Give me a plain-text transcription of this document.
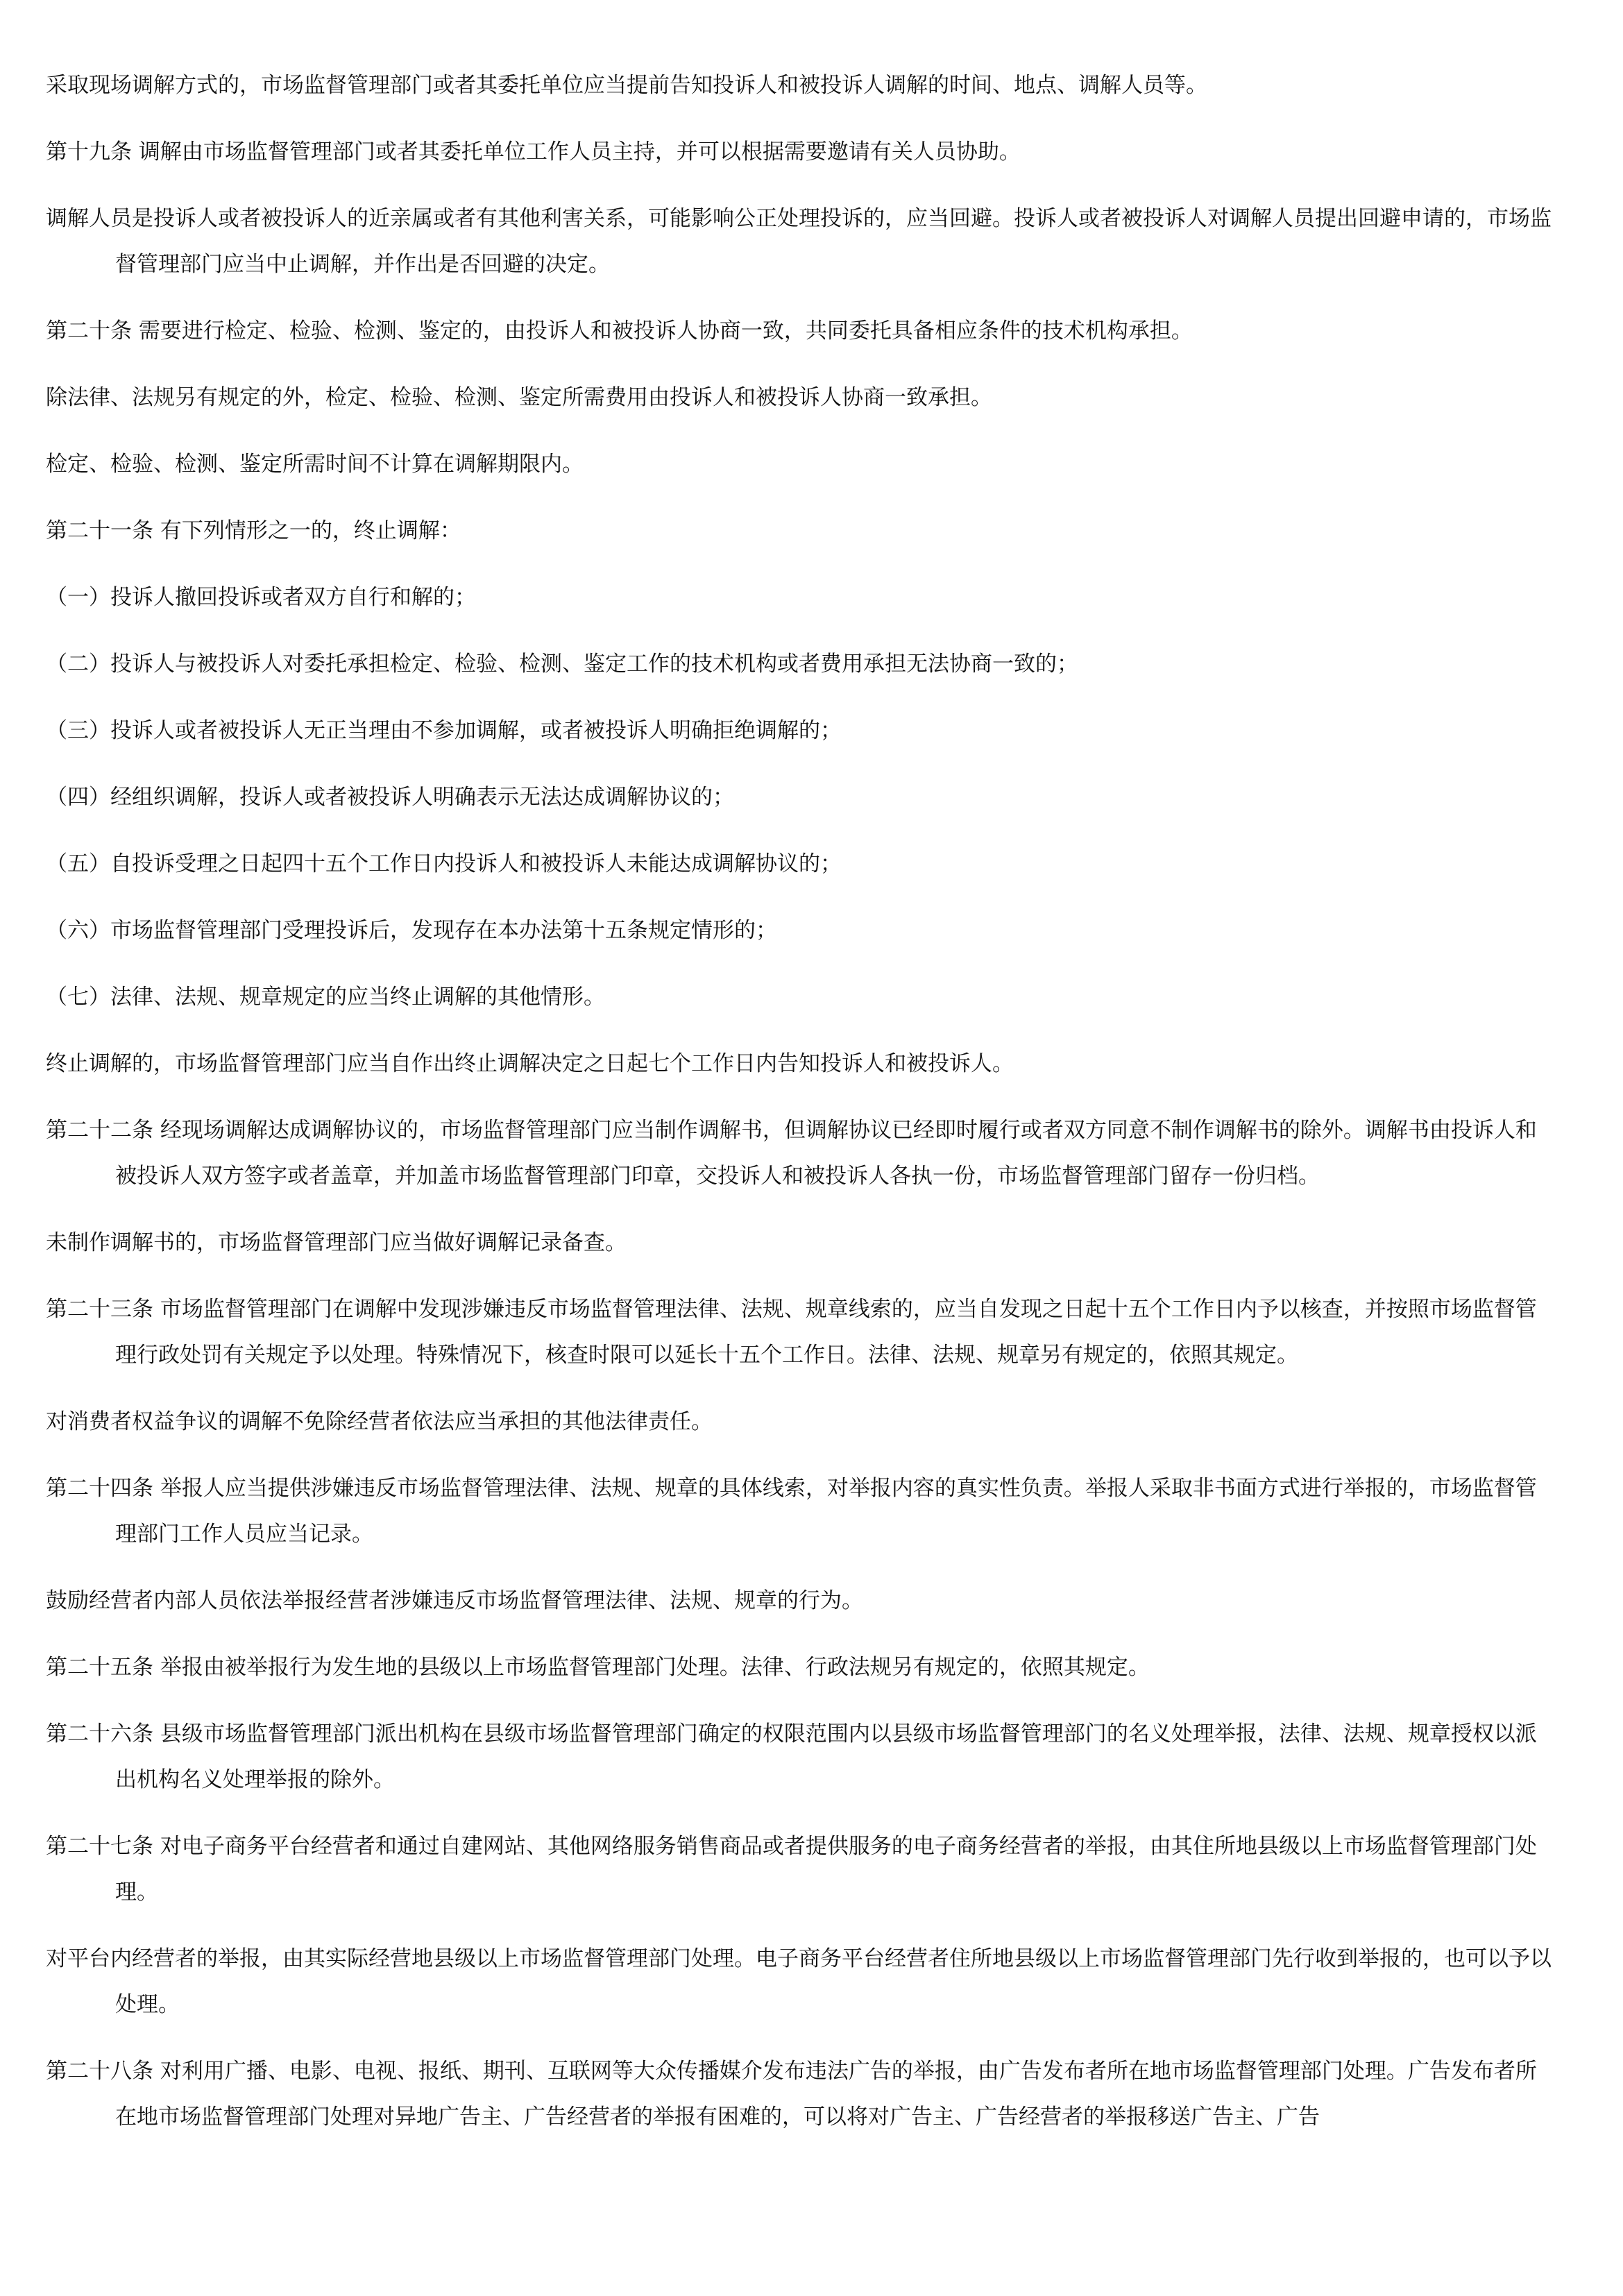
采取现场调解方式的，市场监督管理部门或者其委托单位应当提前告知投诉人和被投诉人调解的时间、地点、调解人员等。

第十九条 调解由市场监督管理部门或者其委托单位工作人员主持，并可以根据需要邀请有关人员协助。

调解人员是投诉人或者被投诉人的近亲属或者有其他利害关系，可能影响公正处理投诉的，应当回避。投诉人或者被投诉人对调解人员提出回避申请的，市场监督管理部门应当中止调解，并作出是否回避的决定。

第二十条 需要进行检定、检验、检测、鉴定的，由投诉人和被投诉人协商一致，共同委托具备相应条件的技术机构承担。

除法律、法规另有规定的外，检定、检验、检测、鉴定所需费用由投诉人和被投诉人协商一致承担。

检定、检验、检测、鉴定所需时间不计算在调解期限内。

第二十一条 有下列情形之一的，终止调解：

（一）投诉人撤回投诉或者双方自行和解的；

（二）投诉人与被投诉人对委托承担检定、检验、检测、鉴定工作的技术机构或者费用承担无法协商一致的；

（三）投诉人或者被投诉人无正当理由不参加调解，或者被投诉人明确拒绝调解的；

（四）经组织调解，投诉人或者被投诉人明确表示无法达成调解协议的；

（五）自投诉受理之日起四十五个工作日内投诉人和被投诉人未能达成调解协议的；

（六）市场监督管理部门受理投诉后，发现存在本办法第十五条规定情形的；

（七）法律、法规、规章规定的应当终止调解的其他情形。

终止调解的，市场监督管理部门应当自作出终止调解决定之日起七个工作日内告知投诉人和被投诉人。

第二十二条 经现场调解达成调解协议的，市场监督管理部门应当制作调解书，但调解协议已经即时履行或者双方同意不制作调解书的除外。调解书由投诉人和被投诉人双方签字或者盖章，并加盖市场监督管理部门印章，交投诉人和被投诉人各执一份，市场监督管理部门留存一份归档。

未制作调解书的，市场监督管理部门应当做好调解记录备查。

第二十三条 市场监督管理部门在调解中发现涉嫌违反市场监督管理法律、法规、规章线索的，应当自发现之日起十五个工作日内予以核查，并按照市场监督管理行政处罚有关规定予以处理。特殊情况下，核查时限可以延长十五个工作日。法律、法规、规章另有规定的，依照其规定。

对消费者权益争议的调解不免除经营者依法应当承担的其他法律责任。

第二十四条 举报人应当提供涉嫌违反市场监督管理法律、法规、规章的具体线索，对举报内容的真实性负责。举报人采取非书面方式进行举报的，市场监督管理部门工作人员应当记录。

鼓励经营者内部人员依法举报经营者涉嫌违反市场监督管理法律、法规、规章的行为。

第二十五条 举报由被举报行为发生地的县级以上市场监督管理部门处理。法律、行政法规另有规定的，依照其规定。

第二十六条 县级市场监督管理部门派出机构在县级市场监督管理部门确定的权限范围内以县级市场监督管理部门的名义处理举报，法律、法规、规章授权以派出机构名义处理举报的除外。

第二十七条 对电子商务平台经营者和通过自建网站、其他网络服务销售商品或者提供服务的电子商务经营者的举报，由其住所地县级以上市场监督管理部门处理。

对平台内经营者的举报，由其实际经营地县级以上市场监督管理部门处理。电子商务平台经营者住所地县级以上市场监督管理部门先行收到举报的，也可以予以处理。

第二十八条 对利用广播、电影、电视、报纸、期刊、互联网等大众传播媒介发布违法广告的举报，由广告发布者所在地市场监督管理部门处理。广告发布者所在地市场监督管理部门处理对异地广告主、广告经营者的举报有困难的，可以将对广告主、广告经营者的举报移送广告主、广告
